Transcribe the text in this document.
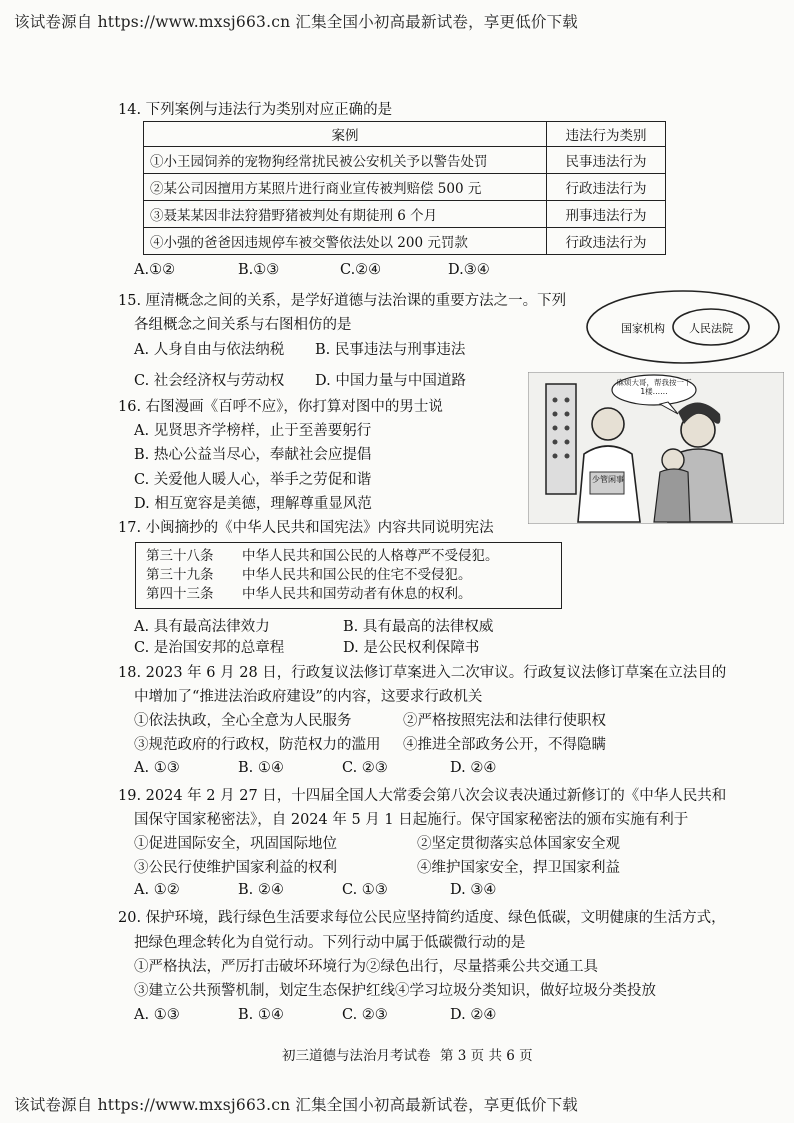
该试卷源自 https://www.mxsj663.cn 汇集全国小初高最新试卷，享更低价下载
14. 下列案例与违法行为类别对应正确的是
案例	违法行为类别
①小王园饲养的宠物狗经常扰民被公安机关予以警告处罚	民事违法行为
②某公司因擅用方某照片进行商业宣传被判赔偿 500 元	行政违法行为
③聂某某因非法狩猎野猪被判处有期徒刑 6 个月	刑事违法行为
④小强的爸爸因违规停车被交警依法处以 200 元罚款	行政违法行为
A.①②	B.①③	C.②④	D.③④
15. 厘清概念之间的关系，是学好道德与法治课的重要方法之一。下列
各组概念之间关系与右图相仿的是
A. 人身自由与依法纳税 B. 民事违法与刑事违法
C. 社会经济权与劳动权 D. 中国力量与中国道路
国家机构 人民法院
16. 右图漫画《百呼不应》，你打算对图中的男士说
A. 见贤思齐学榜样，止于至善要躬行
B. 热心公益当尽心，奉献社会应提倡
C. 关爱他人暖人心，举手之劳促和谐
D. 相互宽容是美德，理解尊重显风范
少管闲事
麻烦大哥，帮我按一下1楼……
17. 小闽摘抄的《中华人民共和国宪法》内容共同说明宪法
第三十八条 中华人民共和国公民的人格尊严不受侵犯。
第三十九条 中华人民共和国公民的住宅不受侵犯。
第四十三条 中华人民共和国劳动者有休息的权利。
A. 具有最高法律效力	B. 具有最高的法律权威
C. 是治国安邦的总章程	D. 是公民权利保障书
18. 2023 年 6 月 28 日，行政复议法修订草案进入二次审议。行政复议法修订草案在立法目的
中增加了“推进法治政府建设”的内容，这要求行政机关
①依法执政，全心全意为人民服务	②严格按照宪法和法律行使职权
③规范政府的行政权，防范权力的滥用 ④推进全部政务公开，不得隐瞒
A. ①③	B. ①④	C. ②③	D. ②④
19. 2024 年 2 月 27 日，十四届全国人大常委会第八次会议表决通过新修订的《中华人民共和
国保守国家秘密法》，自 2024 年 5 月 1 日起施行。保守国家秘密法的颁布实施有利于
①促进国际安全，巩固国际地位	②坚定贯彻落实总体国家安全观
③公民行使维护国家利益的权利	④维护国家安全，捍卫国家利益
A. ①②	B. ②④	C. ①③	D. ③④
20. 保护环境，践行绿色生活要求每位公民应坚持简约适度、绿色低碳，文明健康的生活方式，
把绿色理念转化为自觉行动。下列行动中属于低碳微行动的是
①严格执法，严厉打击破坏环境行为②绿色出行，尽量搭乘公共交通工具
③建立公共预警机制，划定生态保护红线④学习垃圾分类知识，做好垃圾分类投放
A. ①③	B. ①④	C. ②③	D. ②④
初三道德与法治月考试卷 第 3 页 共 6 页
该试卷源自 https://www.mxsj663.cn 汇集全国小初高最新试卷，享更低价下载
